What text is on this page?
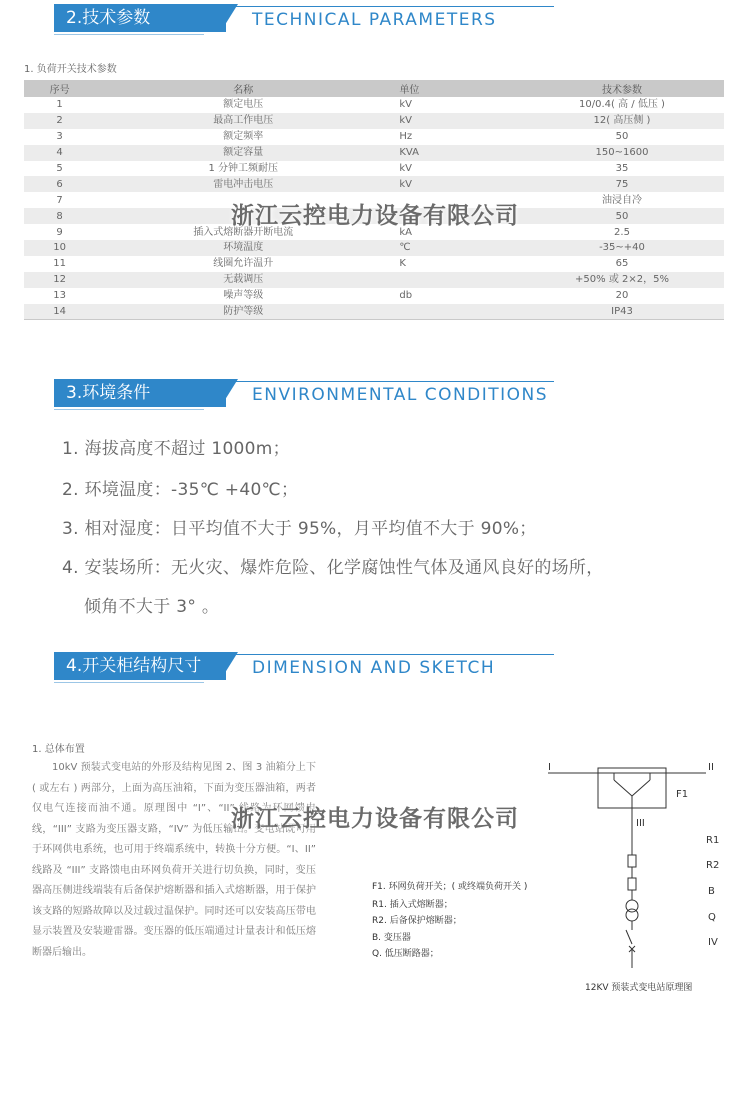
2.技术参数	TECHNICAL PARAMETERS
1. 负荷开关技术参数
序号	名称	单位	技术参数
1	额定电压	kV	10/0.4( 高 / 低压 )
2	最高工作电压	kV	12( 高压侧 )
3	额定频率	Hz	50
4	额定容量	KVA	150~1600
5	1 分钟工频耐压	kV	35
6	雷电冲击电压	kV	75
7			油浸自冷
8			50
9	插入式熔断器开断电流	kA	2.5
10	环境温度	℃	-35~+40
11	线圈允许温升	K	65
12	无载调压		+50% 或 2×2，5%
13	噪声等级	db	20
14	防护等级		IP43
浙江云控电力设备有限公司
3.环境条件	ENVIRONMENTAL CONDITIONS
1. 海拔高度不超过 1000m；
2. 环境温度：-35℃ +40℃；
3. 相对湿度：日平均值不大于 95%，月平均值不大于 90%；
4. 安装场所：无火灾、爆炸危险、化学腐蚀性气体及通风良好的场所，
倾角不大于 3° 。
4.开关柜结构尺寸	DIMENSION AND SKETCH
1. 总体布置
10kV 预装式变电站的外形及结构见图 2、图 3 油箱分上下 ( 或左右 ) 两部分，上面为高压油箱，下面为变压器油箱，两者仅电气连接而油不通。原理图中 “I”、“II” 线路为环网馈电线，“III” 支路为变压器支路，“IV” 为低压输出。变电站既可用于环网供电系统，也可用于终端系统中，转换十分方便。“I、II” 线路及 “III” 支路馈电由环网负荷开关进行切负换，同时，变压器高压侧进线端装有后备保护熔断器和插入式熔断器，用于保护该支路的短路故障以及过载过温保护。同时还可以安装高压带电显示装置及安装避雷器。变压器的低压端通过计量表计和低压熔断器后输出。
I	II
F1
III
R1
R2
B
Q
IV
F1. 环网负荷开关；( 或终端负荷开关 )
R1. 插入式熔断器；
R2. 后备保护熔断器；
B. 变压器
Q. 低压断路器；
12KV 预装式变电站原理图
浙江云控电力设备有限公司
